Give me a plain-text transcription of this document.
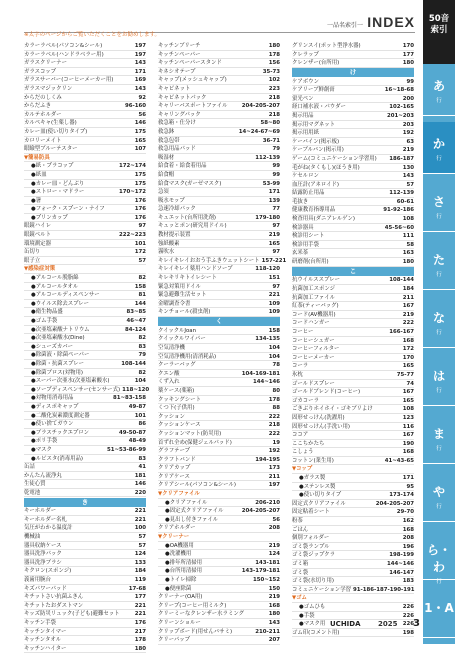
一品名索引一 INDEX
※太字のページからご覧いただくことをお勧めします。
カラーラベル(パソコン&シール)	197
カラーラベル(ハンドラベラー用)	197
ガラスクリーナー	143
ガラスコップ	171
ガラスサーバー(コーヒーメーカー用)	169
ガラスマジックリン	143
からだのしくみ	92
からだふき	96-160
カルテホルダー	56
カルペキャ(生薬し器)	146
カレー皿(使い切りタイプ)	175
カロリーメイト	165
眼瞼型ブルーテスター	107
▼簡易防具
●紙・プラコップ	172~174
●紙皿	175
●カレー皿・どんぶり	175
●ストロー・マドラー	170~172
●箸	176
●フォーク・スプーン・ナイフ	176
●プリンカップ	176
眼鏡ハイレ	97
眼鏡ベルト	222~223
環境測定器	101
缶切り	172
眼子立	57
▼感染症対策
●アルコール脱脂綿	82
●アルコールタオル	158
●アルコールディスペンサー	81
●ウイルス除去スプレー	144
●衛生物品盛	83~85
●ゴム手袋	46~47
●次亜塩素酸ナトリウム	84-124
●次亜塩素酸水(Dine)	82
●シューズカバー	83
●除菌液・除菌ペーパー	79
●除菌・抗菌スプレー	108-144
●除菌ブロス(対物用)	82
●スーパー次亜水(次亜塩素酸水)	104
●ソープディスペンサー(センサー式) 118~120
●対物用消毒用品	81~83-158
●ディスポキャップ	49-87
●二酸化炭素濃度測定器	101
●使い捨てガウン	86
●ブラスチックエプロン	49-50-87
●ポリ手袋	48-49
●マスク	51~53-86-99
●ルビスタ(消毒用品)	83
缶詰	41
かんたん流浄丸	181
生徒心質	146
乾電池	220
き
キーホルダー	221
キーホルダー名札	221
気圧がわかる温度計	100
機械油	57
器具収納ケース	57
器具洗浄パック	124
器具洗浄ブラシ	133
キクロン(スポンジ)	184
義歯用腕台	119
キズパワーパッド	17-68
キチットさい抗菌ふきん	177
キチットたおダストマン	221
キッズ防災リュック(子ども)避難セット	221
キッチン手袋	176
キッチンタイマー	217
キッチンタオル	178
キッチンハイター	180
キッチンブリーチ	180
キッチンペーパー	178
キッチンペーパースタンド	156
キネシオテープ	35-73
キャップ(メッシュキャップ)	102
キャビネット	223
キャビネットパック	218
キャリーバスポートファイル	204-205-207
キャリングパック	218
救急箱・仕分け	58~80
救急鉢	14~24-67~69
救急包帯	36-71
救急用品パッド	79
吸湿材	112-139
給食着・給食着用品	99
給食帽	99
給食マスク(ガーゼマスク)	53-99
急須	171
吸水モップ	139
急速冷却パック	77
キュエット(台所用洗剤)	179-180
キュッとポン(研究用ドイル)	97
教材提示装置	219
強紙酸素	165
霧吹水	97
キレイキレイおおう手ふきウェットシート 157-221
キレイキレイ薬用ハンドソープ	118-120
キレキリキトイレシート	151
緊急対策用ドイル	97
緊急避難生活セット	221
金曜調査令書	109
キンチョール(殺虫剤)	109
く
クイックルJoan	158
クイックルワイパー	134-135
空気清浄機	104
空気清浄機用(清消耗品)	104
クーラーバッグ	78
クエン酸	104-169-181
くず入れ	144~146
薬ケース(薬箱)	80
クッキングシート	178
くつ下(子供用)	88
クッション	222
クッションケース	218
クッションマット(防災用)	222
首ずれ全め(保健ジェルパッド)	19
グラフテープ	192
クラフトバンド	194-195
クリアカップ	173
クリアケース	211
クリアシール(パソコン&シール)	197
▼クリアファイル
●クリアファイル	206-210
●固定式クリアファイル	204-205-207
●見出し付きファイル	56
クリアホルダー	208
▼クリーナー
●OA機器用	219
●洗濯機用	124
●排年所清掃用	143-181
●台所用清掃用	143-179-181
●トイレ掃除	150~152
●便座除菌	150
クリーナー(OA用)	219
クリープ(コーヒー用ミルク)	168
クリーミーなクレンザー水ラミング	180
クリーンショルー	143
クリップボード(用せんバサミ)	210-211
クリーパップ	207
グリンスイ(ポット型浄水器)	170
クレラップ	177
クレンザー(台所用)	180
け
ケアボウン	99
ケアリーブ鮮創膏	16~18-68
蛍光ペン	200
経口補水液・パウダー	102-165
掲示用品	201~203
掲示用マグネット	203
掲示用用紙	192
ケーバイン(掲示板)	63
ケーブルバン(掲示用)	219
ゲーム(コミュニケーション学習用)	186-187
毛がね(タくもし)(ほうき用)	130
ケセルロン	143
血圧計(アネロイド)	57
結露防止用品	112-139
毛抜き	60-61
健康教育指導用品	91-92-186
検査用具(ダニアレルゲン)	108
検診器具	45-56~60
検診用シート	111
検診用手袋	58
玄米茶	163
研磨剤(台所用)	180
こ
抗ウイルススプレー	108-144
抗菌加工スポンジ	184
抗菌加工ファイル	211
紅茶(ティーバッグ)	167
コード(AV機器用)	219
コードハンガー	222
コーヒー	166-167
コーヒーシュガー	168
コーヒーフィルター	172
コーヒーメーカー	170
コーラ	165
氷枕	75-77
ゴールドスプレー	74
ゴールドブレンド(コーヒー)	167
ゴカコーラ	165
ごきぶりホイホイ・ゴキブリよけ	108
固形せっけん(洗濯用)	123
固形せっけん(手洗い用)	116
ココア	167
ここちかたち	190
こしょう	168
コットン(業生用)	41~43-65
▼コップ
●ガラス製	171
●ステンレス製	95
●使い切りタイプ	173-174
固定式クリアファイル	204-205-207
固定粘着シート	29-70
粉茶	162
ごはん	168
個別フォルダー	208
ゴミ袋ランプル	196
ゴミ袋ジップクラ	198-199
ゴミ箱	144~146
ゴミ袋	146-147
ゴミ袋(水切り用)	183
コミュニケーション学習 91-186-187-190-191
▼ゴム
●ゴムひも	226
●手袋	226
●マスク用	226
ゴム印(コメント用)	198
50音
索引
あ
行
か
行
さ
行
た
行
な
行
は
行
ま
行
や
行
ら・わ
行
1・A
UCHIDA 2025 3
